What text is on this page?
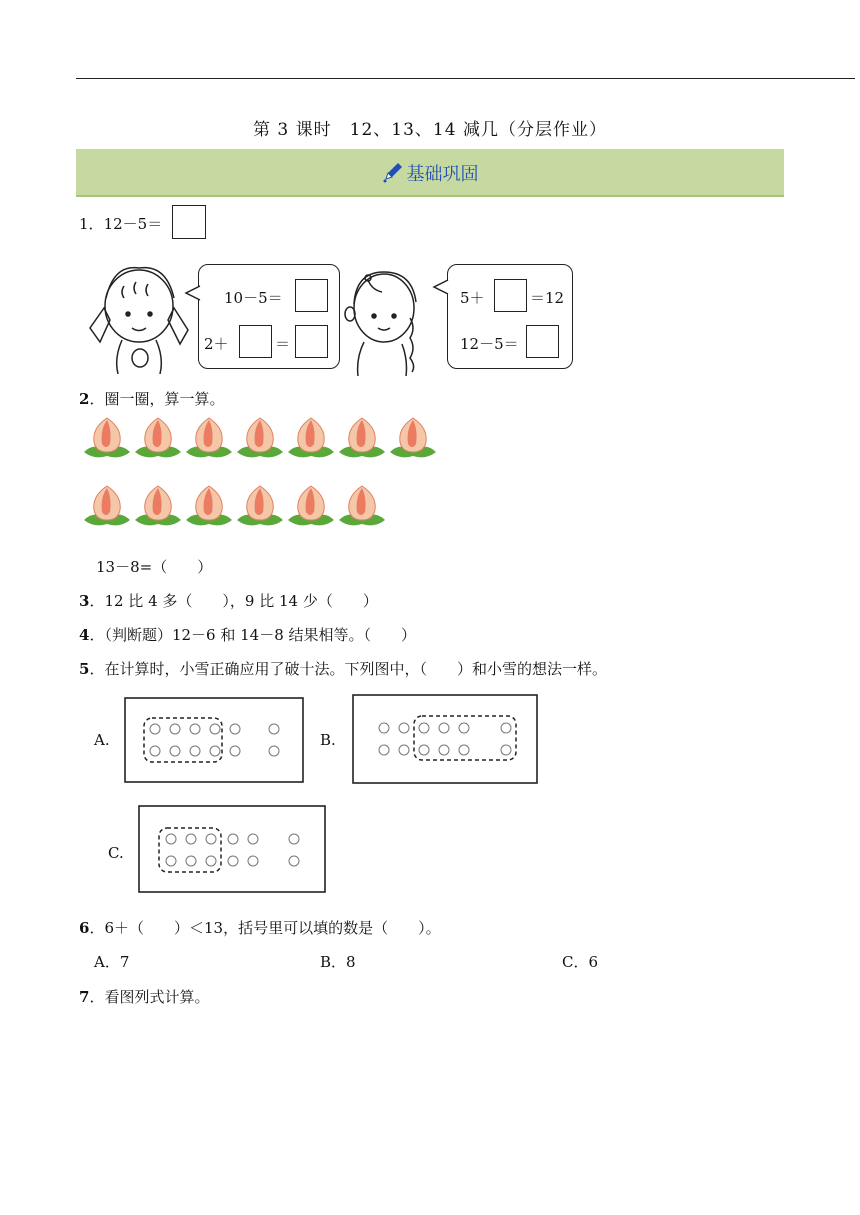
第 3 课时　12、13、14 减几（分层作业）
基础巩固
1．12－5＝
10－5＝
2＋	＝
5＋	＝12
12－5＝
2．圈一圈，算一算。
13－8=（　　）
3．12 比 4 多（　　），9 比 14 少（　　）
4．（判断题）12－6 和 14－8 结果相等。（　　）
5．在计算时，小雪正确应用了破十法。下列图中，（　　）和小雪的想法一样。
A.	B.
C.
6．6＋（　　）＜13，括号里可以填的数是（　　）。
A．7	B．8	C．6
7．看图列式计算。
